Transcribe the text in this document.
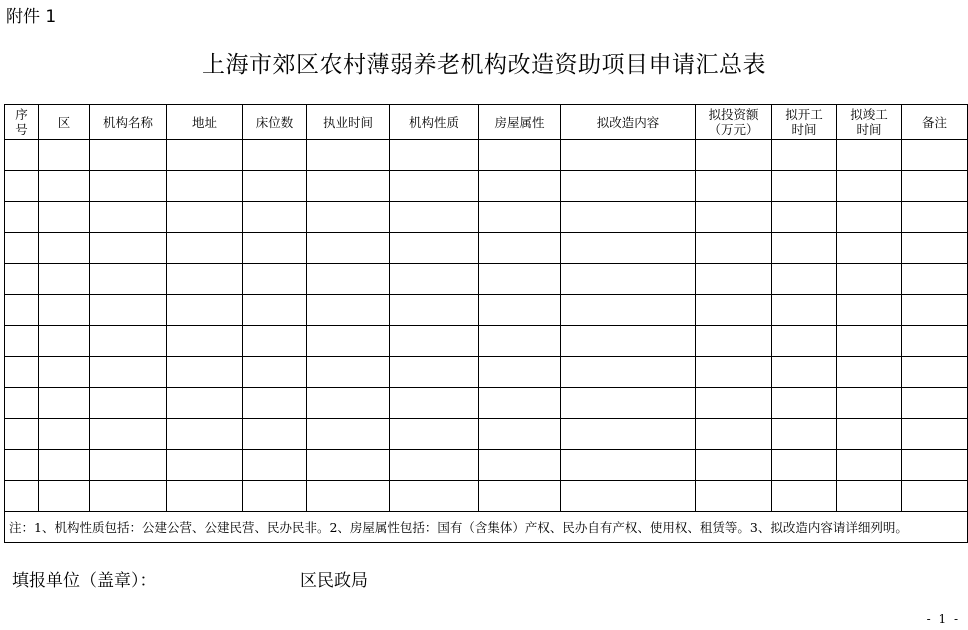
附件 1
上海市郊区农村薄弱养老机构改造资助项目申请汇总表
序号	区	机构名称	地址	床位数	执业时间	机构性质	房屋属性	拟改造内容	拟投资额（万元）	拟开工时间	拟竣工时间	备注

注：1、机构性质包括：公建公营、公建民营、民办民非。2、房屋属性包括：国有（含集体）产权、民办自有产权、使用权、租赁等。3、拟改造内容请详细列明。												
填报单位（盖章）：	区民政局
- 1 -
